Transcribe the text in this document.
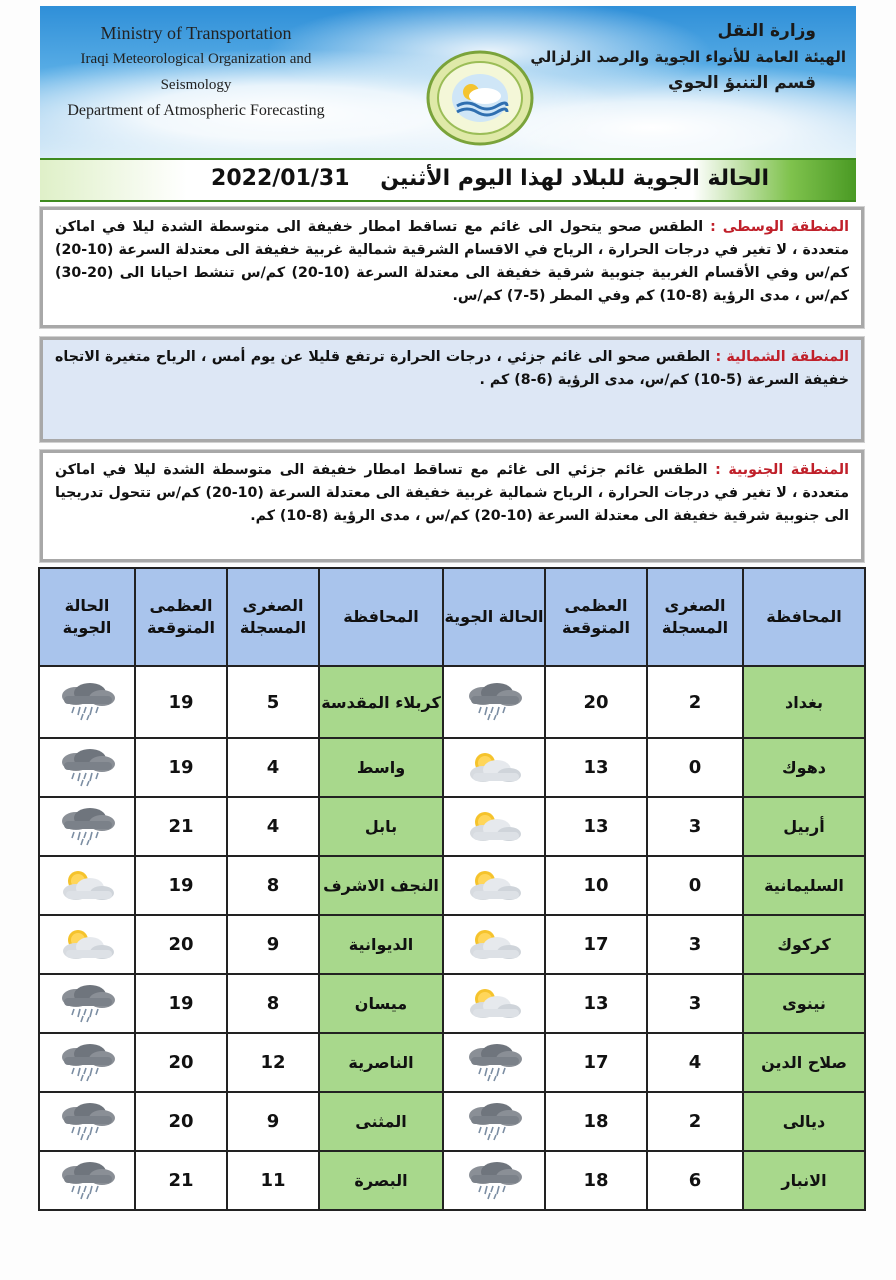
Ministry of Transportation
Iraqi Meteorological Organization and Seismology
Department of Atmospheric Forecasting
وزارة النقل
الهيئة العامة للأنواء الجوية والرصد الزلزالي
قسم التنبؤ الجوي
الحالة الجوية للبلاد لهذا اليوم الأثنين    2022/01/31
المنطقة الوسطى : الطقس صحو يتحول الى غائم مع تساقط امطار خفيفة الى متوسطة الشدة ليلا في اماكن متعددة ، لا تغير في درجات الحرارة ، الرياح في الاقسام الشرقية شمالية غربية خفيفة الى معتدلة السرعة (10-20) كم/س وفي الأقسام الغربية جنوبية شرقية خفيفة الى معتدلة السرعة (10-20) كم/س تنشط احيانا الى (20-30) كم/س ، مدى الرؤية (8-10) كم وفي المطر (5-7) كم/س.
المنطقة الشمالية : الطقس صحو الى غائم جزئي ، درجات الحرارة ترتفع قليلا عن يوم أمس ، الرياح متغيرة الاتجاه خفيفة السرعة (5-10) كم/س، مدى الرؤية (6-8) كم .
المنطقة الجنوبية : الطقس غائم جزئي الى غائم مع تساقط امطار خفيفة الى متوسطة الشدة ليلا في اماكن متعددة ، لا تغير في درجات الحرارة ، الرياح شمالية غربية خفيفة الى معتدلة السرعة (10-20) كم/س تتحول تدريجيا الى جنوبية شرقية خفيفة الى معتدلة السرعة (10-20) كم/س ، مدى الرؤية (8-10) كم.
المحافظة	الصغرى المسجلة	العظمى المتوقعة	الحالة الجوية	المحافظة	الصغرى المسجلة	العظمى المتوقعة	الحالة الجوية
بغداد	2	20		كربلاء المقدسة	5	19	

دهوك	0	13		واسط	4	19	

أربيل	3	13		بابل	4	21	

السليمانية	0	10		النجف الاشرف	8	19	

كركوك	3	17		الديوانية	9	20	

نينوى	3	13		ميسان	8	19	

صلاح الدين	4	17		الناصرية	12	20	

ديالى	2	18		المثنى	9	20	

الانبار	6	18		البصرة	11	21	
